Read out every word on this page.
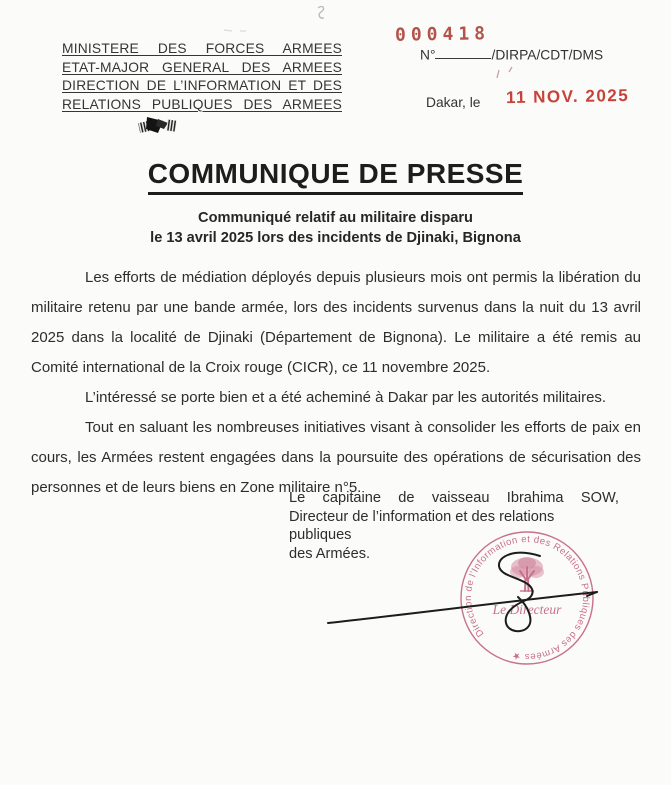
MINISTERE DES FORCES ARMEES
ETAT-MAJOR GENERAL DES ARMEES
DIRECTION DE L’INFORMATION ET DES
RELATIONS PUBLIQUES DES ARMEES
N°	/DIRPA/CDT/DMS
000418
Dakar, le 11 NOV. 2025
COMMUNIQUE DE PRESSE
Communiqué relatif au militaire disparu
le 13 avril 2025 lors des incidents de Djinaki, Bignona

Les efforts de médiation déployés depuis plusieurs mois ont permis la libération du militaire retenu par une bande armée, lors des incidents survenus dans la nuit du 13 avril 2025 dans la localité de Djinaki (Département de Bignona). Le militaire a été remis au Comité international de la Croix rouge (CICR), ce 11 novembre 2025.

L’intéressé se porte bien et a été acheminé à Dakar par les autorités militaires.

Tout en saluant les nombreuses initiatives visant à consolider les efforts de paix en cours, les Armées restent engagées dans la poursuite des opérations de sécurisation des personnes et de leurs biens en Zone militaire n°5.

Le capitaine de vaisseau Ibrahima SOW,
Directeur de l’information et des relations publiques
des Armées.
Direction de l’Information et des Relations Publiques des Armées ★
Le Directeur
